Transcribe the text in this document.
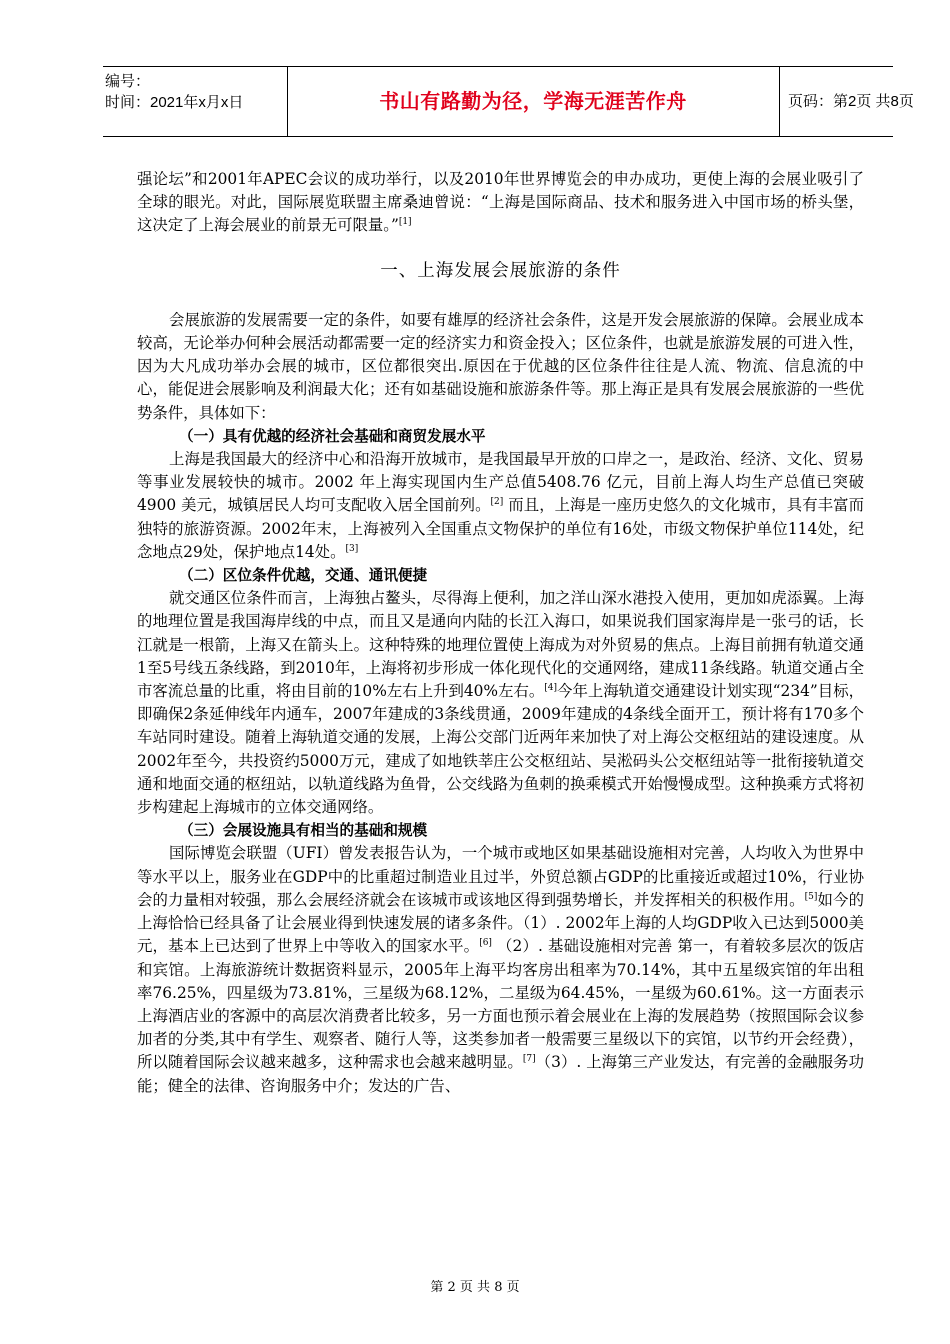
编号：
时间：2021年x月x日	书山有路勤为径，学海无涯苦作舟	页码：第2页 共8页

强论坛”和2001年APEC会议的成功举行，以及2010年世界博览会的申办成功，更使上海的会展业吸引了全球的眼光。对此，国际展览联盟主席桑迪曾说：“上海是国际商品、技术和服务进入中国市场的桥头堡，这决定了上海会展业的前景无可限量。”[1]

一、上海发展会展旅游的条件

会展旅游的发展需要一定的条件，如要有雄厚的经济社会条件，这是开发会展旅游的保障。会展业成本较高，无论举办何种会展活动都需要一定的经济实力和资金投入；区位条件，也就是旅游发展的可进入性，因为大凡成功举办会展的城市，区位都很突出.原因在于优越的区位条件往往是人流、物流、信息流的中心，能促进会展影响及利润最大化；还有如基础设施和旅游条件等。那上海正是具有发展会展旅游的一些优势条件，具体如下：

（一）具有优越的经济社会基础和商贸发展水平

上海是我国最大的经济中心和沿海开放城市，是我国最早开放的口岸之一，是政治、经济、文化、贸易等事业发展较快的城市。2002 年上海实现国内生产总值5408.76 亿元，目前上海人均生产总值已突破 4900 美元，城镇居民人均可支配收入居全国前列。[2] 而且，上海是一座历史悠久的文化城市，具有丰富而独特的旅游资源。2002年末，上海被列入全国重点文物保护的单位有16处，市级文物保护单位114处，纪念地点29处，保护地点14处。[3]

（二）区位条件优越，交通、通讯便捷

就交通区位条件而言，上海独占鳌头，尽得海上便利，加之洋山深水港投入使用，更加如虎添翼。上海的地理位置是我国海岸线的中点，而且又是通向内陆的长江入海口，如果说我们国家海岸是一张弓的话，长江就是一根箭，上海又在箭头上。这种特殊的地理位置使上海成为对外贸易的焦点。上海目前拥有轨道交通1至5号线五条线路，到2010年，上海将初步形成一体化现代化的交通网络，建成11条线路。轨道交通占全市客流总量的比重，将由目前的10%左右上升到40%左右。[4]今年上海轨道交通建设计划实现“234”目标，即确保2条延伸线年内通车，2007年建成的3条线贯通，2009年建成的4条线全面开工，预计将有170多个车站同时建设。随着上海轨道交通的发展，上海公交部门近两年来加快了对上海公交枢纽站的建设速度。从2002年至今，共投资约5000万元，建成了如地铁莘庄公交枢纽站、吴淞码头公交枢纽站等一批衔接轨道交通和地面交通的枢纽站，以轨道线路为鱼骨，公交线路为鱼刺的换乘模式开始慢慢成型。这种换乘方式将初步构建起上海城市的立体交通网络。

（三）会展设施具有相当的基础和规模

国际博览会联盟（UFI）曾发表报告认为，一个城市或地区如果基础设施相对完善，人均收入为世界中等水平以上，服务业在GDP中的比重超过制造业且过半，外贸总额占GDP的比重接近或超过10%，行业协会的力量相对较强，那么会展经济就会在该城市或该地区得到强势增长，并发挥相关的积极作用。[5]如今的上海恰恰已经具备了让会展业得到快速发展的诸多条件。（1）. 2002年上海的人均GDP收入已达到5000美元，基本上已达到了世界上中等收入的国家水平。[6] （2）. 基础设施相对完善 第一，有着较多层次的饭店和宾馆。上海旅游统计数据资料显示，2005年上海平均客房出租率为70.14%，其中五星级宾馆的年出租率76.25%，四星级为73.81%，三星级为68.12%，二星级为64.45%，一星级为60.61%。这一方面表示上海酒店业的客源中的高层次消费者比较多，另一方面也预示着会展业在上海的发展趋势（按照国际会议参加者的分类,其中有学生、观察者、随行人等，这类参加者一般需要三星级以下的宾馆，以节约开会经费），所以随着国际会议越来越多，这种需求也会越来越明显。[7]（3）. 上海第三产业发达，有完善的金融服务功能；健全的法律、咨询服务中介；发达的广告、

第 2 页 共 8 页
